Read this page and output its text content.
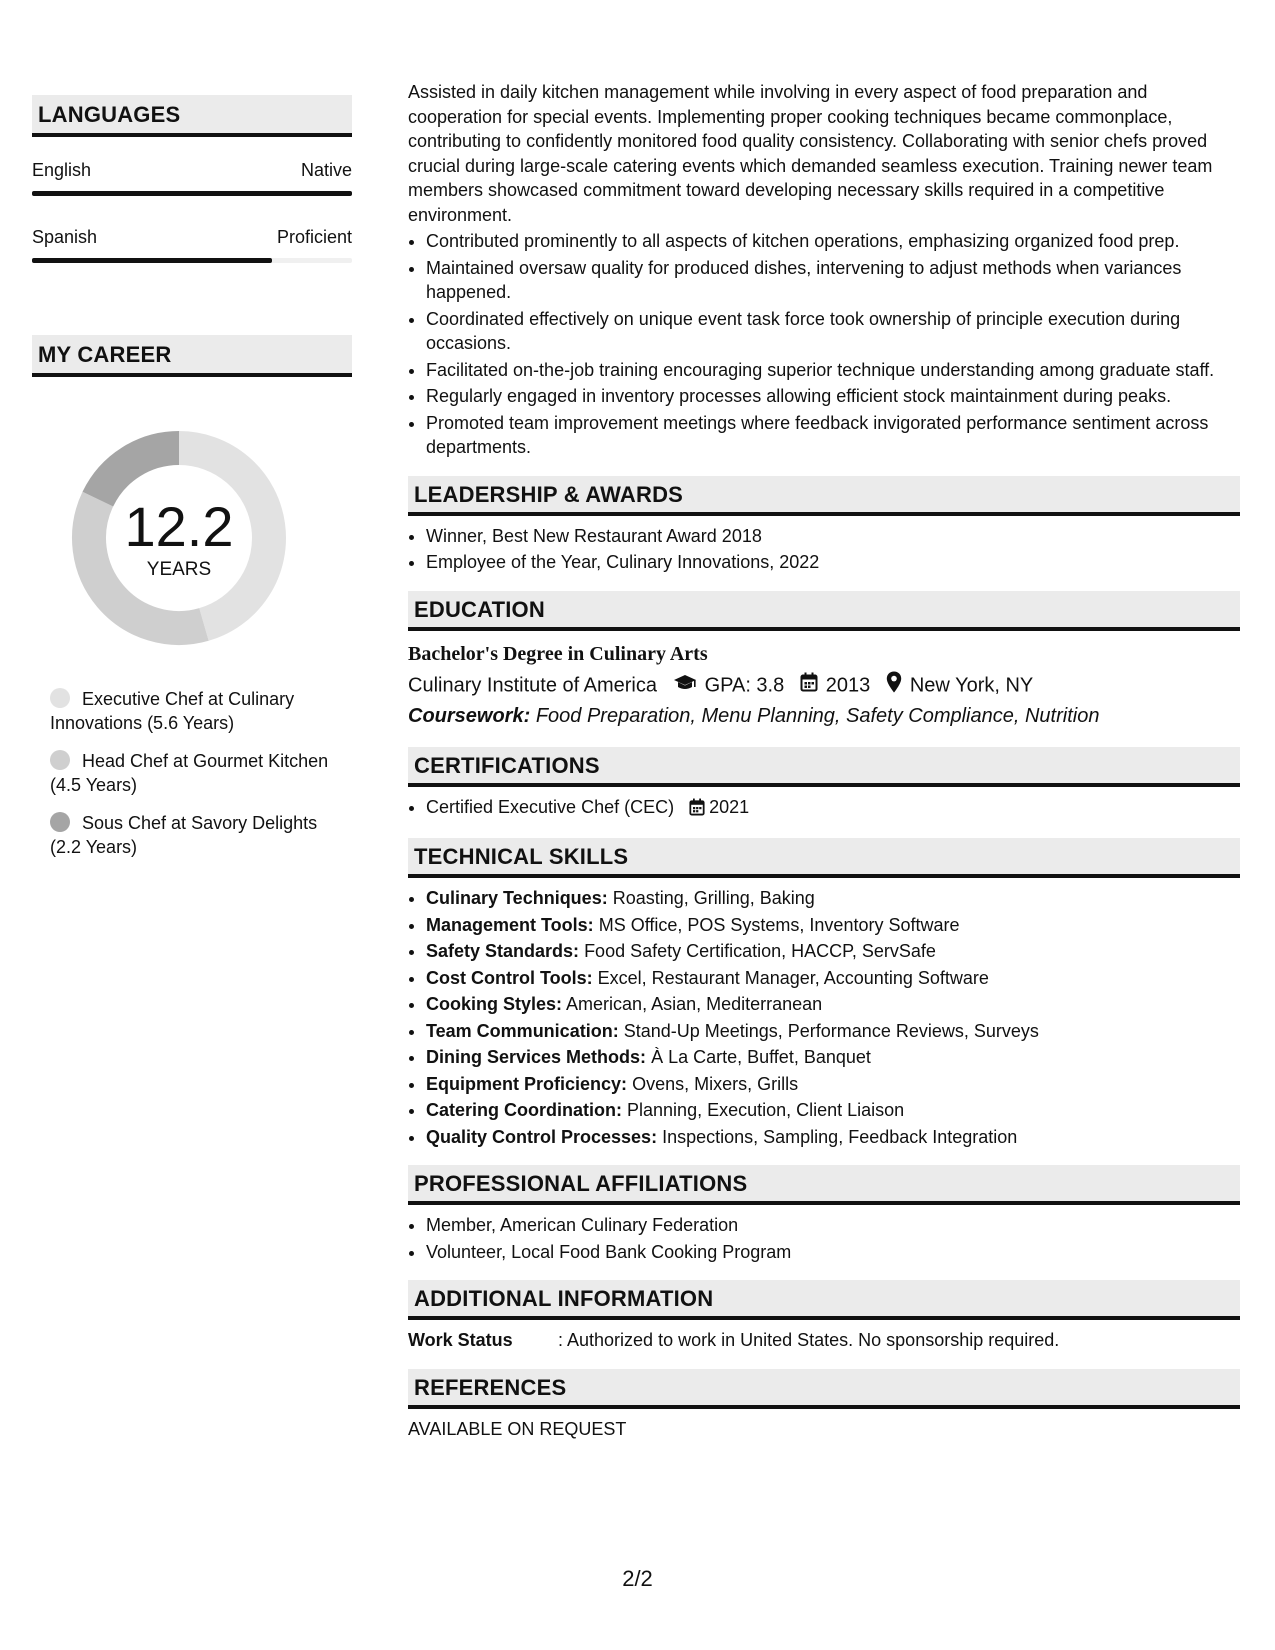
LANGUAGES
English	Native
Spanish	Proficient
MY CAREER
12.2
YEARS
Executive Chef at Culinary Innovations (5.6 Years)
Head Chef at Gourmet Kitchen (4.5 Years)
Sous Chef at Savory Delights (2.2 Years)

Assisted in daily kitchen management while involving in every aspect of food preparation and cooperation for special events. Implementing proper cooking techniques became commonplace, contributing to confidently monitored food quality consistency. Collaborating with senior chefs proved crucial during large-scale catering events which demanded seamless execution. Training newer team members showcased commitment toward developing necessary skills required in a competitive environment.

• Contributed prominently to all aspects of kitchen operations, emphasizing organized food prep.
• Maintained oversaw quality for produced dishes, intervening to adjust methods when variances happened.
• Coordinated effectively on unique event task force took ownership of principle execution during occasions.
• Facilitated on-the-job training encouraging superior technique understanding among graduate staff.
• Regularly engaged in inventory processes allowing efficient stock maintainment during peaks.
• Promoted team improvement meetings where feedback invigorated performance sentiment across departments.
LEADERSHIP & AWARDS
• Winner, Best New Restaurant Award 2018
• Employee of the Year, Culinary Innovations, 2022
EDUCATION
Bachelor's Degree in Culinary Arts
Culinary Institute of America GPA: 3.8 2013 New York, NY
Coursework: Food Preparation, Menu Planning, Safety Compliance, Nutrition
CERTIFICATIONS
• Certified Executive Chef (CEC) 2021
TECHNICAL SKILLS
• Culinary Techniques: Roasting, Grilling, Baking
• Management Tools: MS Office, POS Systems, Inventory Software
• Safety Standards: Food Safety Certification, HACCP, ServSafe
• Cost Control Tools: Excel, Restaurant Manager, Accounting Software
• Cooking Styles: American, Asian, Mediterranean
• Team Communication: Stand-Up Meetings, Performance Reviews, Surveys
• Dining Services Methods: À La Carte, Buffet, Banquet
• Equipment Proficiency: Ovens, Mixers, Grills
• Catering Coordination: Planning, Execution, Client Liaison
• Quality Control Processes: Inspections, Sampling, Feedback Integration
PROFESSIONAL AFFILIATIONS
• Member, American Culinary Federation
• Volunteer, Local Food Bank Cooking Program
ADDITIONAL INFORMATION
Work Status	: Authorized to work in United States. No sponsorship required.
REFERENCES
AVAILABLE ON REQUEST
2/2
